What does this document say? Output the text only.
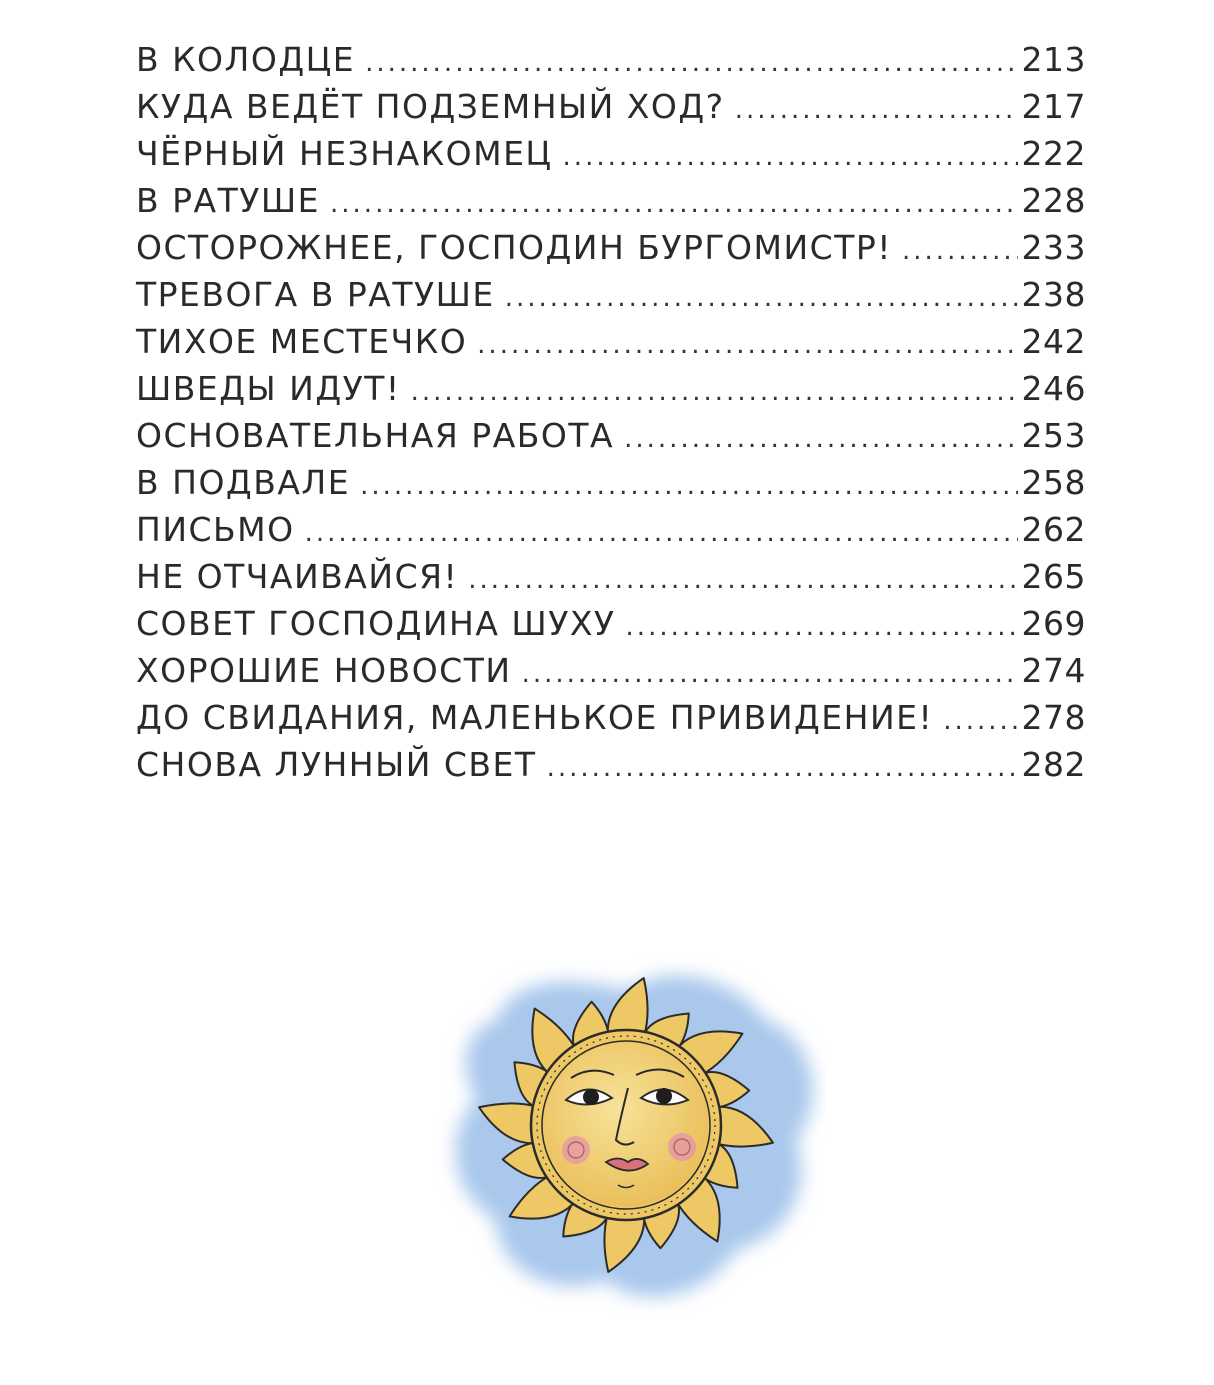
В КОЛОДЦЕ .....	213
КУДА ВЕДЁТ ПОДЗЕМНЫЙ ХОД? .....	217
ЧЁРНЫЙ НЕЗНАКОМЕЦ .....	222
В РАТУШЕ .....	228
ОСТОРОЖНЕЕ, ГОСПОДИН БУРГОМИСТР! .....	233
ТРЕВОГА В РАТУШЕ .....	238
ТИХОЕ МЕСТЕЧКО .....	242
ШВЕДЫ ИДУТ! .....	246
ОСНОВАТЕЛЬНАЯ РАБОТА .....	253
В ПОДВАЛЕ .....	258
ПИСЬМО .....	262
НЕ ОТЧАИВАЙСЯ! .....	265
СОВЕТ ГОСПОДИНА ШУХУ .....	269
ХОРОШИЕ НОВОСТИ .....	274
ДО СВИДАНИЯ, МАЛЕНЬКОЕ ПРИВИДЕНИЕ! .....	278
СНОВА ЛУННЫЙ СВЕТ .....	282
